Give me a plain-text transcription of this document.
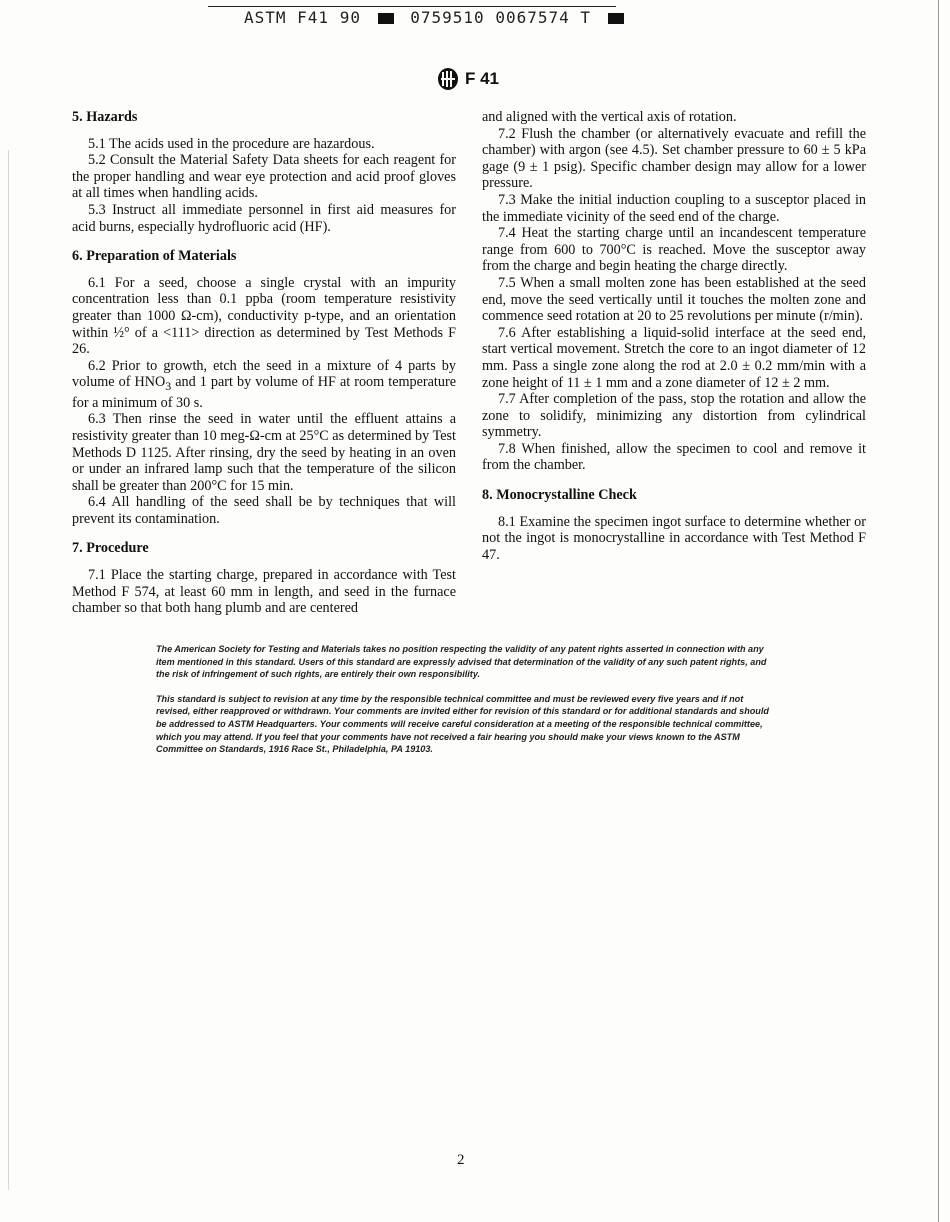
ASTM F41 90	0759510 0067574 T
F 41

5. Hazards

5.1 The acids used in the procedure are hazardous.

5.2 Consult the Material Safety Data sheets for each reagent for the proper handling and wear eye protection and acid proof gloves at all times when handling acids.

5.3 Instruct all immediate personnel in first aid measures for acid burns, especially hydrofluoric acid (HF).

6. Preparation of Materials

6.1 For a seed, choose a single crystal with an impurity concentration less than 0.1 ppba (room temperature resistivity greater than 1000 Ω-cm), conductivity p-type, and an orientation within ½° of a <111> direction as determined by Test Methods F 26.

6.2 Prior to growth, etch the seed in a mixture of 4 parts by volume of $HNO_3$ and 1 part by volume of HF at room temperature for a minimum of 30 s.

6.3 Then rinse the seed in water until the effluent attains a resistivity greater than 10 meg-Ω-cm at 25°C as determined by Test Methods D 1125. After rinsing, dry the seed by heating in an oven or under an infrared lamp such that the temperature of the silicon shall be greater than 200°C for 15 min.

6.4 All handling of the seed shall be by techniques that will prevent its contamination.

7. Procedure

7.1 Place the starting charge, prepared in accordance with Test Method F 574, at least 60 mm in length, and seed in the furnace chamber so that both hang plumb and are centered

and aligned with the vertical axis of rotation.

7.2 Flush the chamber (or alternatively evacuate and refill the chamber) with argon (see 4.5). Set chamber pressure to 60 ± 5 kPa gage (9 ± 1 psig). Specific chamber design may allow for a lower pressure.

7.3 Make the initial induction coupling to a susceptor placed in the immediate vicinity of the seed end of the charge.

7.4 Heat the starting charge until an incandescent temperature range from 600 to 700°C is reached. Move the susceptor away from the charge and begin heating the charge directly.

7.5 When a small molten zone has been established at the seed end, move the seed vertically until it touches the molten zone and commence seed rotation at 20 to 25 revolutions per minute (r/min).

7.6 After establishing a liquid-solid interface at the seed end, start vertical movement. Stretch the core to an ingot diameter of 12 mm. Pass a single zone along the rod at 2.0 ± 0.2 mm/min with a zone height of 11 ± 1 mm and a zone diameter of 12 ± 2 mm.

7.7 After completion of the pass, stop the rotation and allow the zone to solidify, minimizing any distortion from cylindrical symmetry.

7.8 When finished, allow the specimen to cool and remove it from the chamber.

8. Monocrystalline Check

8.1 Examine the specimen ingot surface to determine whether or not the ingot is monocrystalline in accordance with Test Method F 47.

The American Society for Testing and Materials takes no position respecting the validity of any patent rights asserted in connection with any item mentioned in this standard. Users of this standard are expressly advised that determination of the validity of any such patent rights, and the risk of infringement of such rights, are entirely their own responsibility.

This standard is subject to revision at any time by the responsible technical committee and must be reviewed every five years and if not revised, either reapproved or withdrawn. Your comments are invited either for revision of this standard or for additional standards and should be addressed to ASTM Headquarters. Your comments will receive careful consideration at a meeting of the responsible technical committee, which you may attend. If you feel that your comments have not received a fair hearing you should make your views known to the ASTM Committee on Standards, 1916 Race St., Philadelphia, PA 19103.

2
